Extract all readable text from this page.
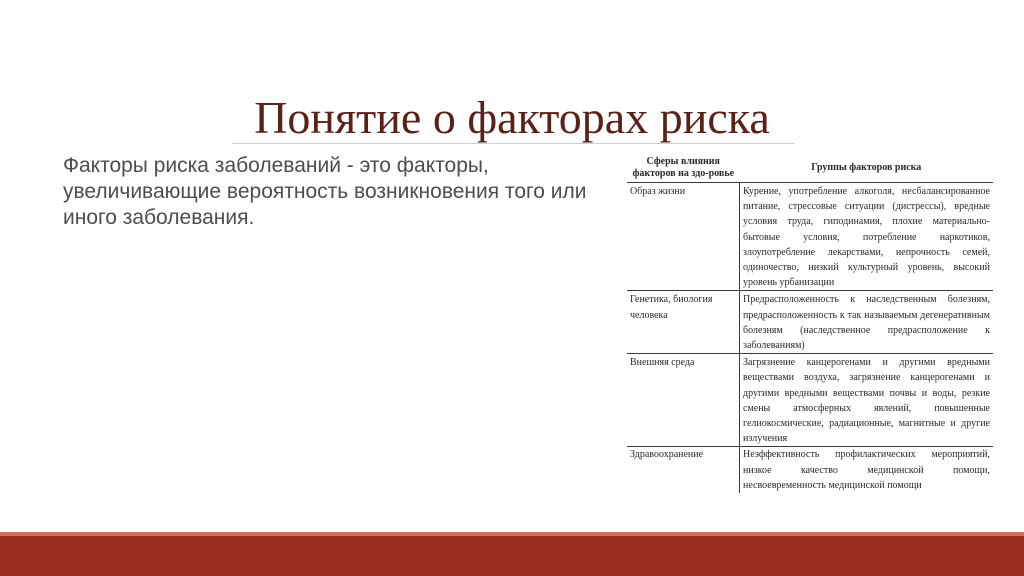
Понятие о факторах риска
Факторы риска заболеваний - это факторы, увеличивающие вероятность возникновения того или иного заболевания.
Сферы влияния факторов на здо-ровье	Группы факторов риска
Образ жизни	Курение, употребление алкоголя, несбалансированное питание, стрессовые ситуации (дистрессы), вредные условия труда, гиподинамия, плохие материально-бытовые условия, потребление наркотиков, злоупотребление лекарствами, непрочность семей, одиночество, низкий культурный уровень, высокий уровень урбанизации
Генетика, биология человека	Предрасположенность к наследственным болезням, предрасположенность к так называемым дегенеративным болезням (наследственное предрасположение к заболеваниям)
Внешняя среда	Загрязнение канцерогенами и другими вредными веществами воздуха, загрязнение канцерогенами и другими вредными веществами почвы и воды, резкие смены атмосферных явлений, повышенные гелиокосмические, радиационные, магнитные и другие излучения
Здравоохранение	Неэффективность профилактических мероприятий, низкое качество медицинской помощи, несвоевременность медицинской помощи
